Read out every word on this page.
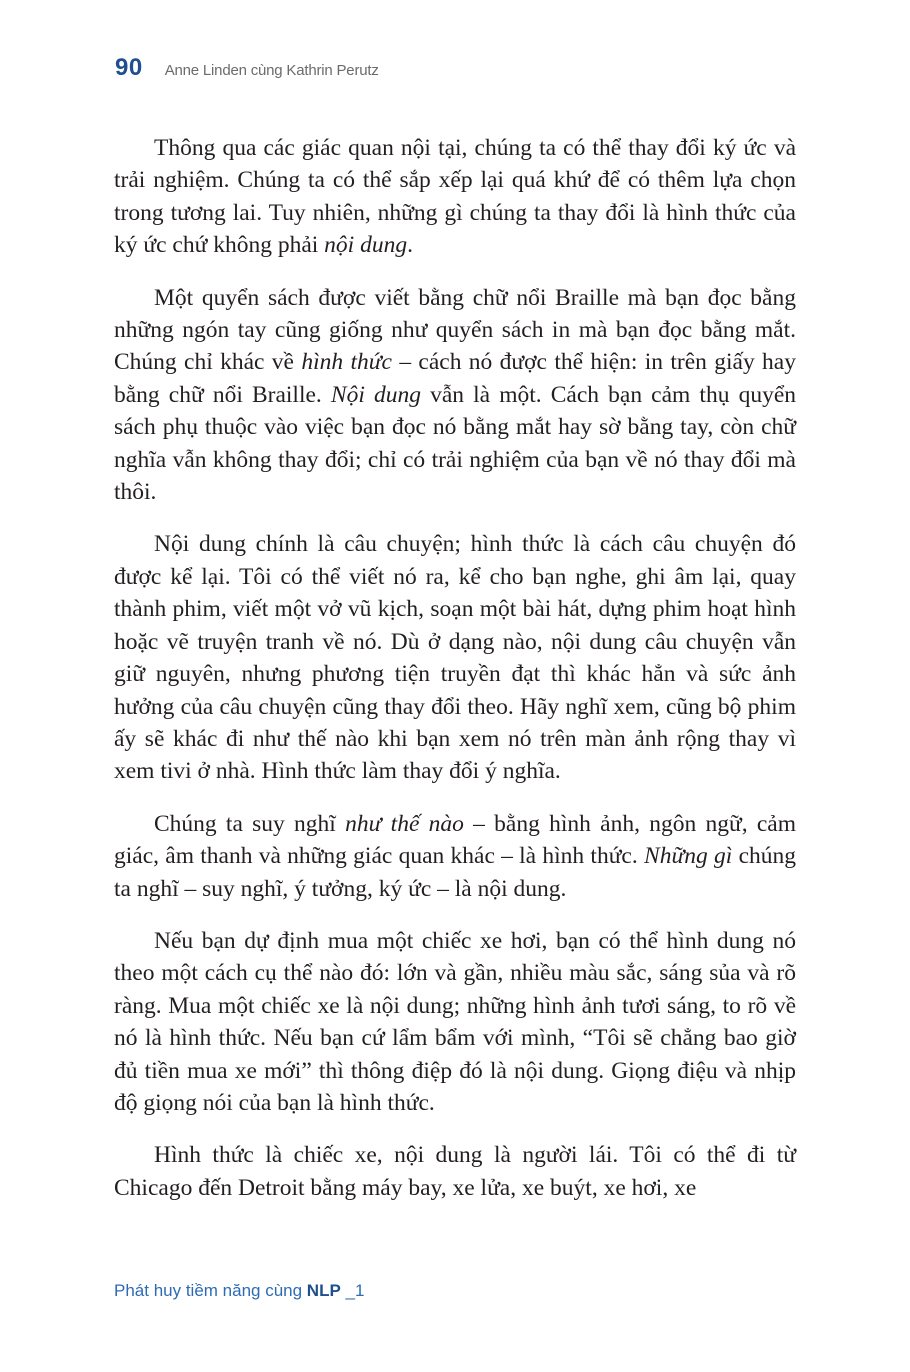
90 Anne Linden cùng Kathrin Perutz

Thông qua các giác quan nội tại, chúng ta có thể thay đổi ký ức và trải nghiệm. Chúng ta có thể sắp xếp lại quá khứ để có thêm lựa chọn trong tương lai. Tuy nhiên, những gì chúng ta thay đổi là hình thức của ký ức chứ không phải nội dung.

Một quyển sách được viết bằng chữ nổi Braille mà bạn đọc bằng những ngón tay cũng giống như quyển sách in mà bạn đọc bằng mắt. Chúng chỉ khác về hình thức – cách nó được thể hiện: in trên giấy hay bằng chữ nổi Braille. Nội dung vẫn là một. Cách bạn cảm thụ quyển sách phụ thuộc vào việc bạn đọc nó bằng mắt hay sờ bằng tay, còn chữ nghĩa vẫn không thay đổi; chỉ có trải nghiệm của bạn về nó thay đổi mà thôi.

Nội dung chính là câu chuyện; hình thức là cách câu chuyện đó được kể lại. Tôi có thể viết nó ra, kể cho bạn nghe, ghi âm lại, quay thành phim, viết một vở vũ kịch, soạn một bài hát, dựng phim hoạt hình hoặc vẽ truyện tranh về nó. Dù ở dạng nào, nội dung câu chuyện vẫn giữ nguyên, nhưng phương tiện truyền đạt thì khác hẳn và sức ảnh hưởng của câu chuyện cũng thay đổi theo. Hãy nghĩ xem, cũng bộ phim ấy sẽ khác đi như thế nào khi bạn xem nó trên màn ảnh rộng thay vì xem tivi ở nhà. Hình thức làm thay đổi ý nghĩa.

Chúng ta suy nghĩ như thế nào – bằng hình ảnh, ngôn ngữ, cảm giác, âm thanh và những giác quan khác – là hình thức. Những gì chúng ta nghĩ – suy nghĩ, ý tưởng, ký ức – là nội dung.

Nếu bạn dự định mua một chiếc xe hơi, bạn có thể hình dung nó theo một cách cụ thể nào đó: lớn và gần, nhiều màu sắc, sáng sủa và rõ ràng. Mua một chiếc xe là nội dung; những hình ảnh tươi sáng, to rõ về nó là hình thức. Nếu bạn cứ lẩm bẩm với mình, “Tôi sẽ chẳng bao giờ đủ tiền mua xe mới” thì thông điệp đó là nội dung. Giọng điệu và nhịp độ giọng nói của bạn là hình thức.

Hình thức là chiếc xe, nội dung là người lái. Tôi có thể đi từ Chicago đến Detroit bằng máy bay, xe lửa, xe buýt, xe hơi, xe

Phát huy tiềm năng cùng NLP _1
